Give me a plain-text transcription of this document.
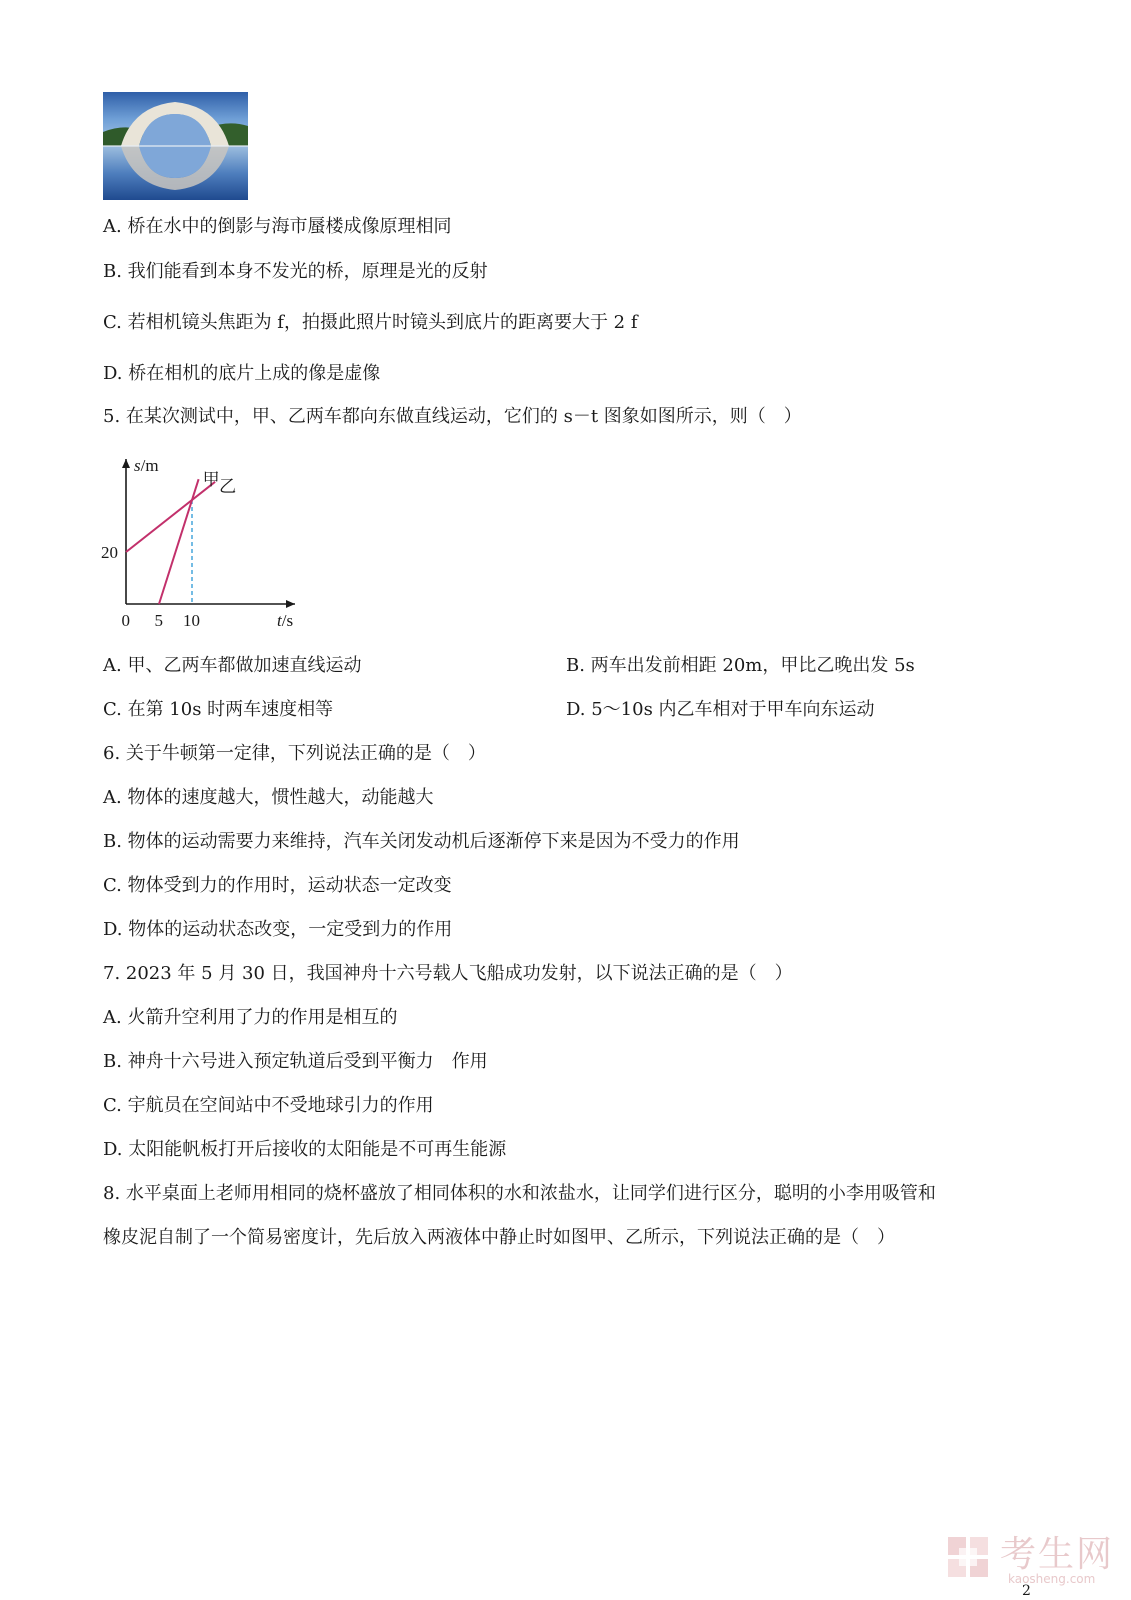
A. 桥在水中的倒影与海市蜃楼成像原理相同
B. 我们能看到本身不发光的桥，原理是光的反射
C. 若相机镜头焦距为 f，拍摄此照片时镜头到底片的距离要大于 2 f
D. 桥在相机的底片上成的像是虚像
5. 在某次测试中，甲、乙两车都向东做直线运动，它们的 s－t 图象如图所示，则（　）
甲 乙
0 5 10
20
s/m
t/s
A. 甲、乙两车都做加速直线运动	B. 两车出发前相距 20m，甲比乙晚出发 5s
C. 在第 10s 时两车速度相等	D. 5～10s 内乙车相对于甲车向东运动
6. 关于牛顿第一定律，下列说法正确的是（　）
A. 物体的速度越大，惯性越大，动能越大
B. 物体的运动需要力来维持，汽车关闭发动机后逐渐停下来是因为不受力的作用
C. 物体受到力的作用时，运动状态一定改变
D. 物体的运动状态改变，一定受到力的作用
7. 2023 年 5 月 30 日，我国神舟十六号载人飞船成功发射，以下说法正确的是（　）
A. 火箭升空利用了力的作用是相互的
B. 神舟十六号进入预定轨道后受到平衡力　作用
C. 宇航员在空间站中不受地球引力的作用
D. 太阳能帆板打开后接收的太阳能是不可再生能源
8. 水平桌面上老师用相同的烧杯盛放了相同体积的水和浓盐水，让同学们进行区分，聪明的小李用吸管和
橡皮泥自制了一个简易密度计，先后放入两液体中静止时如图甲、乙所示，下列说法正确的是（　）
考生网
kaosheng.com
2
